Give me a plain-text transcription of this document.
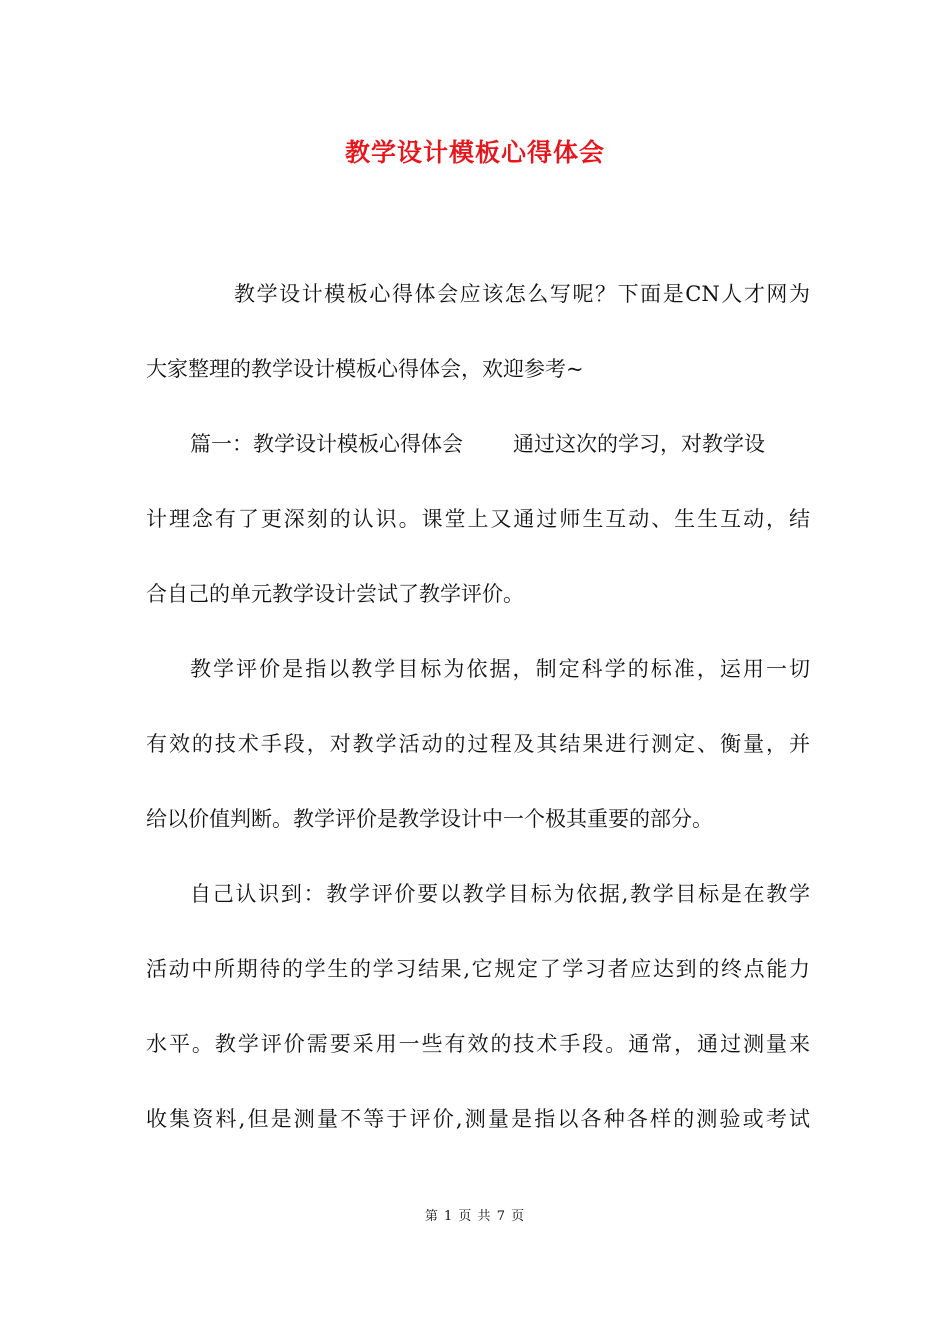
教学设计模板心得体会
教学设计模板心得体会应该怎么写呢？下面是CN人才网为
大家整理的教学设计模板心得体会，欢迎参考~
篇一：教学设计模板心得体会 通过这次的学习，对教学设
计理念有了更深刻的认识。课堂上又通过师生互动、生生互动，结
合自己的单元教学设计尝试了教学评价。
教学评价是指以教学目标为依据，制定科学的标准，运用一切
有效的技术手段，对教学活动的过程及其结果进行测定、衡量，并
给以价值判断。教学评价是教学设计中一个极其重要的部分。
自己认识到：教学评价要以教学目标为依据,教学目标是在教学
活动中所期待的学生的学习结果,它规定了学习者应达到的终点能力
水平。教学评价需要采用一些有效的技术手段。通常，通过测量来
收集资料,但是测量不等于评价,测量是指以各种各样的测验或考试
第 1 页 共 7 页
